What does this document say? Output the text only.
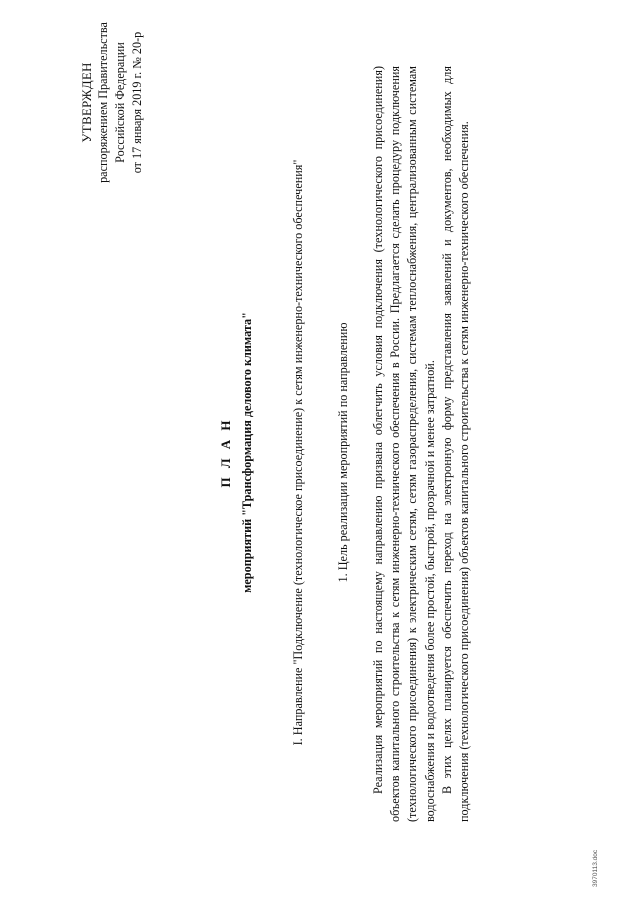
УТВЕРЖДЕН распоряжением Правительства Российской Федерации от 17 января 2019 г. № 20-р
П Л А Н мероприятий "Трансформация делового климата"	I. Направление "Подключение (технологическое присоединение) к сетям инженерно-технического обеспечения"	1. Цель реализации мероприятий по направлению Реализация мероприятий по настоящему направлению призвана облегчить условия подключения (технологического присоединения) объектов капитального строительства к сетям инженерно-технического обеспечения в России. Предлагается сделать процедуру подключения (технологического присоединения) к электрическим сетям, сетям газораспределения, системам теплоснабжения, централизованным системам водоснабжения и водоотведения более простой, быстрой, прозрачной и менее затратной. В этих целях планируется обеспечить переход на электронную форму представления заявлений и документов, необходимых для подключения (технологического присоединения) объектов капитального строительства к сетям инженерно-технического обеспечения.

3970113.doc
